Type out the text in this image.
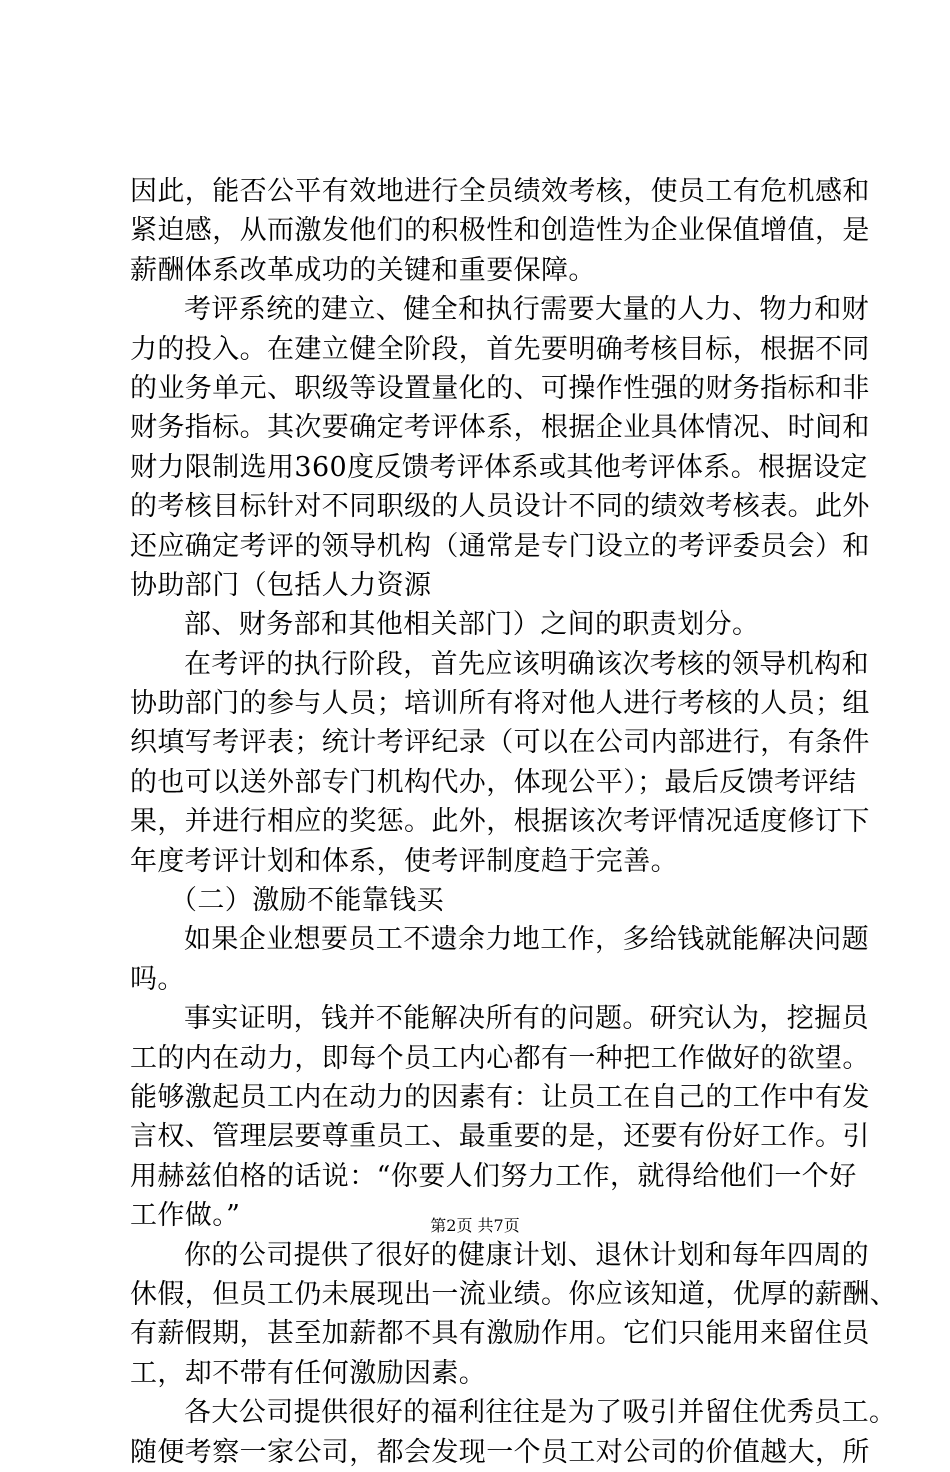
因此，能否公平有效地进行全员绩效考核，使员工有危机感和
紧迫感，从而激发他们的积极性和创造性为企业保值增值，是
薪酬体系改革成功的关键和重要保障。
考评系统的建立、健全和执行需要大量的人力、物力和财
力的投入。在建立健全阶段，首先要明确考核目标，根据不同
的业务单元、职级等设置量化的、可操作性强的财务指标和非
财务指标。其次要确定考评体系，根据企业具体情况、时间和
财力限制选用360度反馈考评体系或其他考评体系。根据设定
的考核目标针对不同职级的人员设计不同的绩效考核表。此外
还应确定考评的领导机构（通常是专门设立的考评委员会）和
协助部门（包括人力资源
部、财务部和其他相关部门）之间的职责划分。
在考评的执行阶段，首先应该明确该次考核的领导机构和
协助部门的参与人员；培训所有将对他人进行考核的人员；组
织填写考评表；统计考评纪录（可以在公司内部进行，有条件
的也可以送外部专门机构代办，体现公平）；最后反馈考评结
果，并进行相应的奖惩。此外，根据该次考评情况适度修订下
年度考评计划和体系，使考评制度趋于完善。
（二）激励不能靠钱买
如果企业想要员工不遗余力地工作，多给钱就能解决问题
吗。
事实证明，钱并不能解决所有的问题。研究认为，挖掘员
工的内在动力，即每个员工内心都有一种把工作做好的欲望。
能够激起员工内在动力的因素有：让员工在自己的工作中有发
言权、管理层要尊重员工、最重要的是，还要有份好工作。引
用赫兹伯格的话说：“你要人们努力工作，就得给他们一个好
工作做。”
你的公司提供了很好的健康计划、退休计划和每年四周的
休假，但员工仍未展现出一流业绩。你应该知道，优厚的薪酬、
有薪假期，甚至加薪都不具有激励作用。它们只能用来留住员
工，却不带有任何激励因素。
各大公司提供很好的福利往往是为了吸引并留住优秀员工。
随便考察一家公司，都会发现一个员工对公司的价值越大，所
第2页 共7页
